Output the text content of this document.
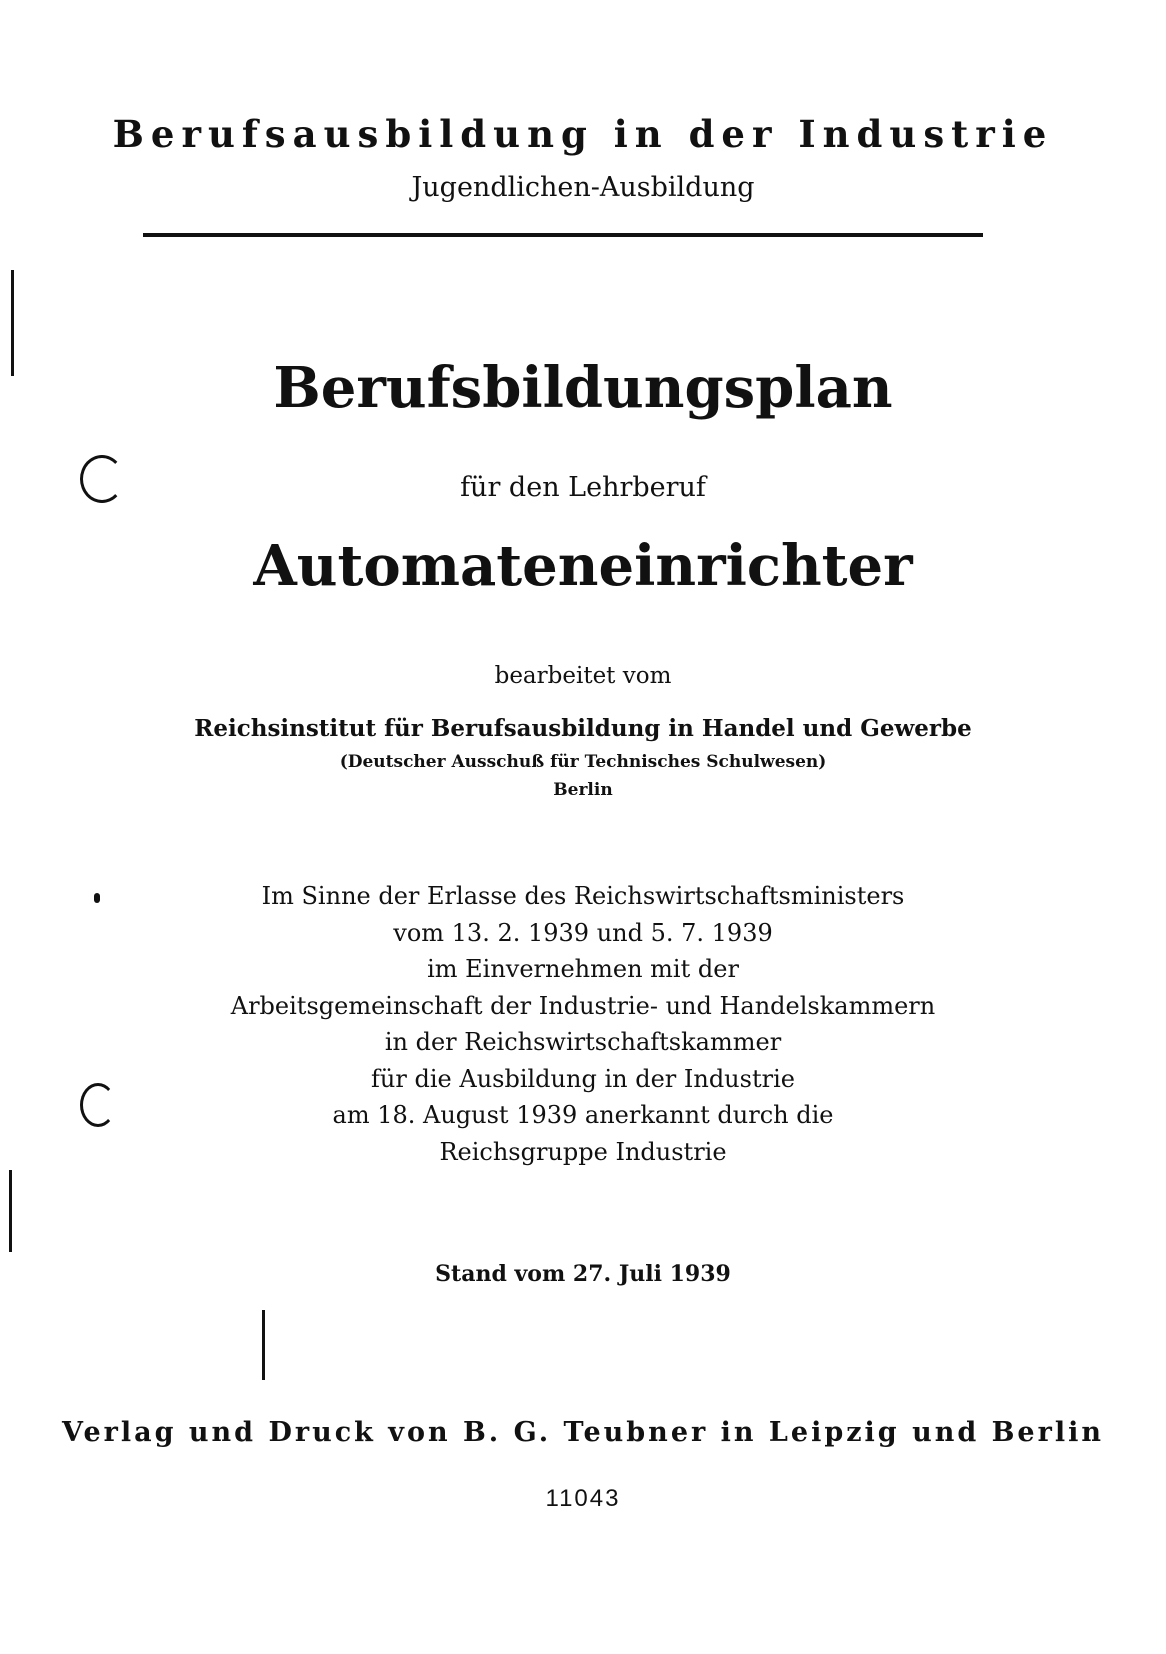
Berufsausbildung in der Industrie
Jugendlichen-Ausbildung
Berufsbildungsplan
für den Lehrberuf
Automateneinrichter
bearbeitet vom
Reichsinstitut für Berufsausbildung in Handel und Gewerbe
(Deutscher Ausschuß für Technisches Schulwesen)
Berlin
Im Sinne der Erlasse des Reichswirtschaftsministers
vom 13. 2. 1939 und 5. 7. 1939
im Einvernehmen mit der
Arbeitsgemeinschaft der Industrie- und Handelskammern
in der Reichswirtschaftskammer
für die Ausbildung in der Industrie
am 18. August 1939 anerkannt durch die
Reichsgruppe Industrie
Stand vom 27. Juli 1939
Verlag und Druck von B. G. Teubner in Leipzig und Berlin
11043
